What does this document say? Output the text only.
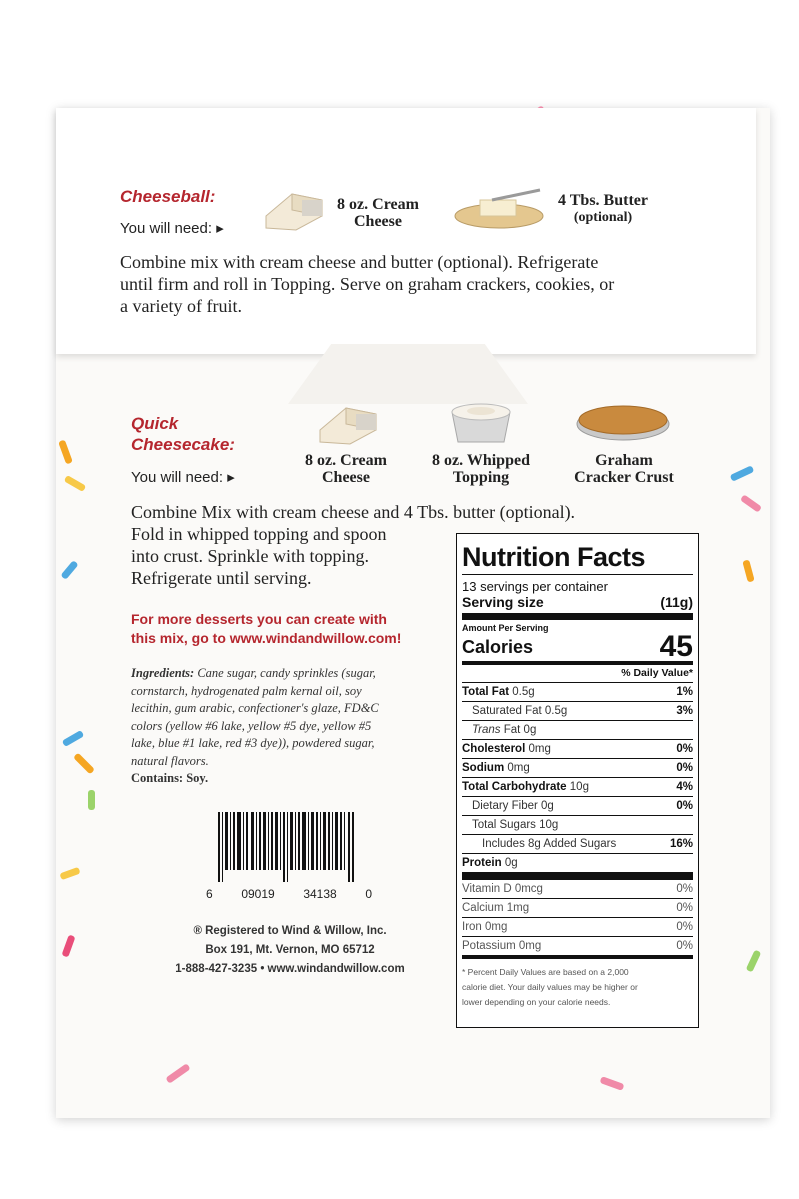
Cheeseball:
You will need: ▸
8 oz. Cream
Cheese
4 Tbs. Butter
(optional)
Combine mix with cream cheese and butter (optional). Refrigerate
until firm and roll in Topping. Serve on graham crackers, cookies, or
a variety of fruit.
Quick
Cheesecake:
You will need: ▸
8 oz. Cream
Cheese
8 oz. Whipped
Topping
Graham
Cracker Crust
Combine Mix with cream cheese and 4 Tbs. butter (optional).
Fold in whipped topping and spoon
into crust. Sprinkle with topping.
Refrigerate until serving.
For more desserts you can create with
this mix, go to www.windandwillow.com!
Ingredients: Cane sugar, candy sprinkles (sugar,
cornstarch, hydrogenated palm kernal oil, soy
lecithin, gum arabic, confectioner's glaze, FD&C
colors (yellow #6 lake, yellow #5 dye, yellow #5
lake, blue #1 lake, red #3 dye)), powdered sugar,
natural flavors.
Contains: Soy.
6 09019 34138 0
® Registered to Wind & Willow, Inc.
Box 191, Mt. Vernon, MO 65712
1-888-427-3235 • www.windandwillow.com
Nutrition Facts
13 servings per container
Serving size	(11g)
Amount Per Serving
Calories	45
% Daily Value*
Total Fat 0.5g	1%
Saturated Fat 0.5g	3%
Trans Fat 0g
Cholesterol 0mg	0%
Sodium 0mg	0%
Total Carbohydrate 10g	4%
Dietary Fiber 0g	0%
Total Sugars 10g
Includes 8g Added Sugars	16%
Protein 0g
Vitamin D 0mcg	0%
Calcium 1mg	0%
Iron 0mg	0%
Potassium 0mg	0%
* Percent Daily Values are based on a 2,000
calorie diet. Your daily values may be higher or
lower depending on your calorie needs.
